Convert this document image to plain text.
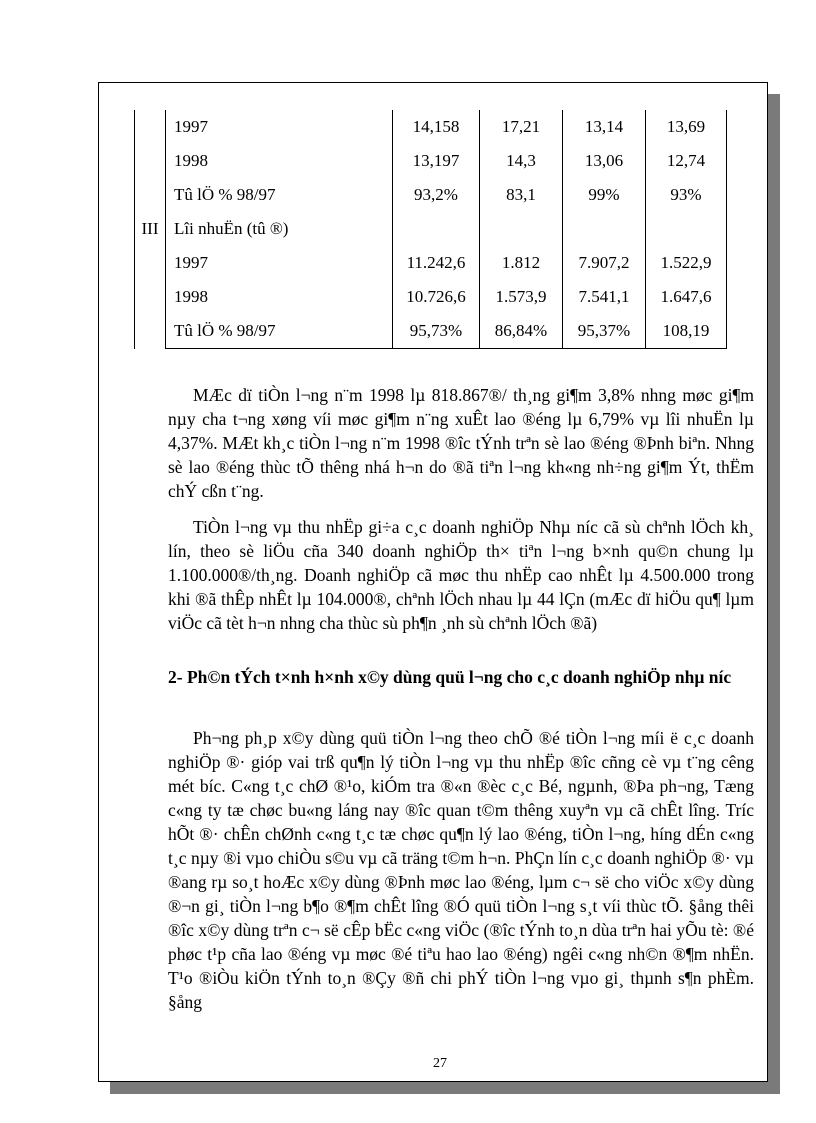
III	1997	14,158	17,21	13,14	13,69
	1998	13,197	14,3	13,06	12,74
	Tû lÖ % 98/97	93,2%	83,1	99%	93%
	Lîi nhuËn (tû ®)				
	1997	11.242,6	1.812	7.907,2	1.522,9
	1998	10.726,6	1.573,9	7.541,1	1.647,6
	Tû lÖ % 98/97	95,73%	86,84%	95,37%	108,19

MÆc dï tiÒn l¬ng n¨m 1998 lµ 818.867®/ th¸ng gi¶m 3,8% nhng møc gi¶m nµy cha t¬ng xøng víi møc gi¶m n¨ng xuÊt lao ®éng lµ 6,79% vµ lîi nhuËn lµ 4,37%. MÆt kh¸c tiÒn l¬ng n¨m 1998 ®îc tÝnh trªn sè lao ®éng ®Þnh biªn. Nhng sè lao ®éng thùc tÕ thêng nhá h¬n do ®ã tiªn l¬ng kh«ng nh÷ng gi¶m Ýt, thËm chÝ cßn t¨ng.

TiÒn l¬ng vµ thu nhËp gi÷a c¸c doanh nghiÖp Nhµ níc cã sù chªnh lÖch kh¸ lín, theo sè liÖu cña 340 doanh nghiÖp th× tiªn l¬ng b×nh qu©n chung lµ 1.100.000®/th¸ng. Doanh nghiÖp cã møc thu nhËp cao nhÊt lµ 4.500.000 trong khi ®ã thÊp nhÊt lµ 104.000®, chªnh lÖch nhau lµ 44 lÇn (mÆc dï hiÖu qu¶ lµm viÖc cã tèt h¬n nhng cha thùc sù ph¶n ¸nh sù chªnh lÖch ®ã)

2- Ph©n tÝch t×nh h×nh x©y dùng quü l¬ng cho c¸c doanh nghiÖp nhµ níc

Ph¬ng ph¸p x©y dùng quü tiÒn l¬ng theo chÕ ®é tiÒn l¬ng míi ë c¸c doanh nghiÖp ®· gióp vai trß qu¶n lý tiÒn l¬ng vµ thu nhËp ®îc cñng cè vµ t¨ng cêng mét bíc. C«ng t¸c chØ ®¹o, kiÓm tra ®«n ®èc c¸c Bé, ngµnh, ®Þa ph¬ng, Tæng c«ng ty tæ chøc bu«ng láng nay ®îc quan t©m thêng xuyªn vµ cã chÊt lîng. Tríc hÕt ®· chÊn chØnh c«ng t¸c tæ chøc qu¶n lý lao ®éng, tiÒn l¬ng, híng dÉn c«ng t¸c nµy ®i vµo chiÒu s©u vµ cã träng t©m h¬n. PhÇn lín c¸c doanh nghiÖp ®· vµ ®ang rµ so¸t hoÆc x©y dùng ®Þnh møc lao ®éng, lµm c¬ së cho viÖc x©y dùng ®¬n gi¸ tiÒn l¬ng b¶o ®¶m chÊt lîng ®Ó quü tiÒn l¬ng s¸t víi thùc tÕ. §ång thêi ®îc x©y dùng trªn c¬ së cÊp bËc c«ng viÖc (®îc tÝnh to¸n dùa trªn hai yÕu tè: ®é phøc t¹p cña lao ®éng vµ møc ®é tiªu hao lao ®éng) ngêi c«ng nh©n ®¶m nhËn. T¹o ®iÒu kiÖn tÝnh to¸n ®Çy ®ñ chi phÝ tiÒn l¬ng vµo gi¸ thµnh s¶n phÈm. §ång

27
